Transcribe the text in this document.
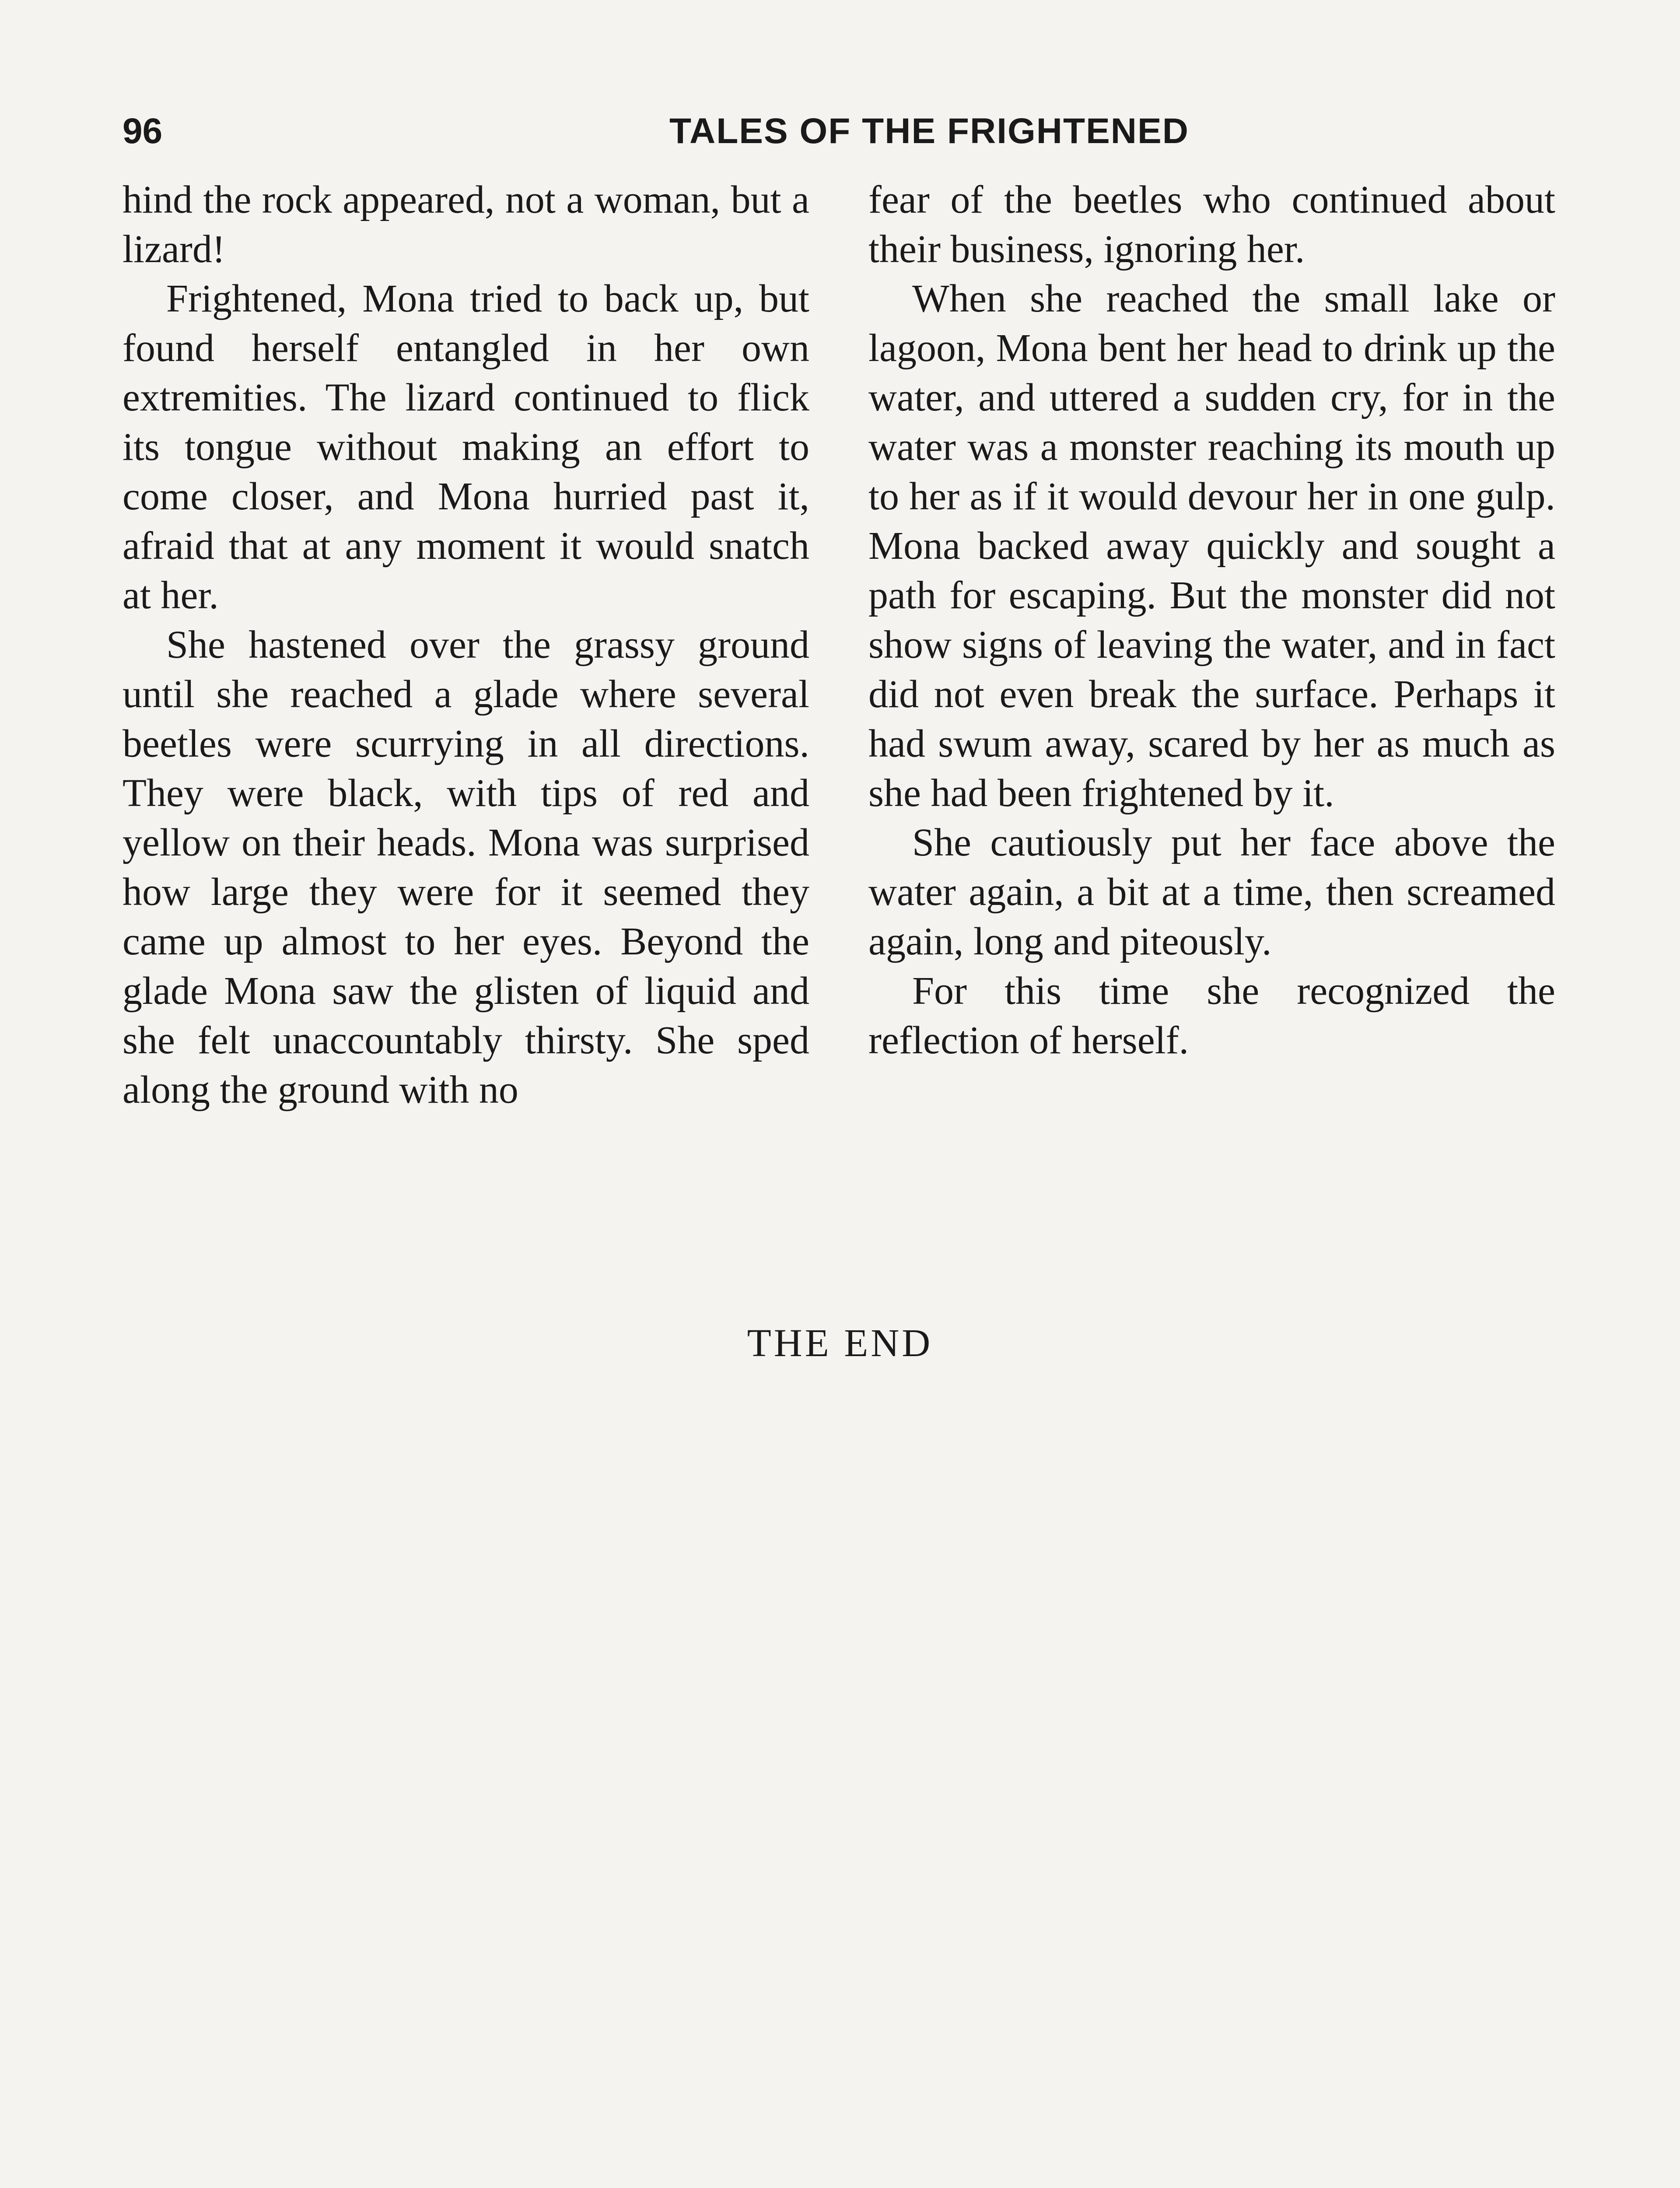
96	TALES OF THE FRIGHTENED

hind the rock appeared, not a woman, but a lizard!

Frightened, Mona tried to back up, but found herself entangled in her own extremities. The lizard continued to flick its tongue without making an effort to come closer, and Mona hurried past it, afraid that at any moment it would snatch at her.

She hastened over the grassy ground until she reached a glade where several beetles were scurrying in all directions. They were black, with tips of red and yellow on their heads. Mona was surprised how large they were for it seemed they came up almost to her eyes. Beyond the glade Mona saw the glisten of liquid and she felt unaccountably thirsty. She sped along the ground with no

fear of the beetles who continued about their business, ignoring her.

When she reached the small lake or lagoon, Mona bent her head to drink up the water, and uttered a sudden cry, for in the water was a monster reaching its mouth up to her as if it would devour her in one gulp. Mona backed away quickly and sought a path for escaping. But the monster did not show signs of leaving the water, and in fact did not even break the surface. Perhaps it had swum away, scared by her as much as she had been frightened by it.

She cautiously put her face above the water again, a bit at a time, then screamed again, long and piteously.

For this time she recognized the reflection of herself.

THE END
